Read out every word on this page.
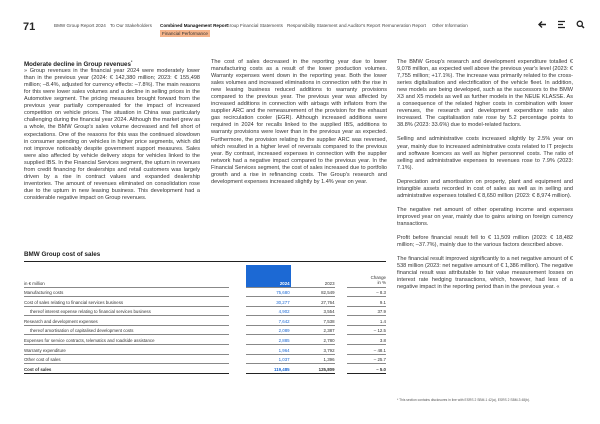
71	BMW Group Report 2024 To Our Stakeholders Combined Management Report
Group Financial Statements Responsibility Statement and Auditor's Report Remuneration Report Other Information
Financial Performance
Moderate decline in Group revenues*

» Group revenues in the financial year 2024 were moderately lower than in the previous year (2024: € 142,380 million; 2023: € 155,498 million; –8.4%, adjusted for currency effects: –7.8%). The main reasons for this were lower sales volumes and a decline in selling prices in the Automotive segment. The pricing measures brought forward from the previous year partially compensated for the impact of increased competition on vehicle prices. The situation in China was particularly challenging during the financial year 2024. Although the market grew as a whole, the BMW Group's sales volume decreased and fell short of expectations. One of the reasons for this was the continued slowdown in consumer spending on vehicles in higher price segments, which did not improve noticeably despite government support measures. Sales were also affected by vehicle delivery stops for vehicles linked to the supplied IBS. In the Financial Services segment, the upturn in revenues from credit financing for dealerships and retail customers was largely driven by a rise in contract values and expanded dealership inventories. The amount of revenues eliminated on consolidation rose due to the upturn in new leasing business. This development had a considerable negative impact on Group revenues.

The cost of sales decreased in the reporting year due to lower manufacturing costs as a result of the lower production volumes. Warranty expenses went down in the reporting year. Both the lower sales volumes and increased eliminations in connection with the rise in new leasing business reduced additions to warranty provisions compared to the previous year. The previous year was affected by increased additions in connection with airbags with inflators from the supplier ARC and the remeasurement of the provision for the exhaust gas recirculation cooler (EGR). Although increased additions were required in 2024 for recalls linked to the supplied IBS, additions to warranty provisions were lower than in the previous year as expected. Furthermore, the provision relating to the supplier ARC was reversed, which resulted in a higher level of reversals compared to the previous year. By contrast, increased expenses in connection with the supplier network had a negative impact compared to the previous year. In the Financial Services segment, the cost of sales increased due to portfolio growth and a rise in refinancing costs. The Group's research and development expenses increased slightly by 1.4% year on year.

The BMW Group's research and development expenditure totalled € 9,078 million, as expected well above the previous year's level (2023: € 7,755 million; +17.1%). The increase was primarily related to the cross-series digitalisation and electrification of the vehicle fleet. In addition, new models are being developed, such as the successors to the BMW X3 and X5 models as well as further models in the NEUE KLASSE. As a consequence of the related higher costs in combination with lower revenues, the research and development expenditure ratio also increased. The capitalisation rate rose by 5.2 percentage points to 38.8% (2023: 33.6%) due to model-related factors.

Selling and administrative costs increased slightly by 2.5% year on year, mainly due to increased administrative costs related to IT projects and software licences as well as higher personnel costs. The ratio of selling and administrative expenses to revenues rose to 7.9% (2023: 7.1%).

Depreciation and amortisation on property, plant and equipment and intangible assets recorded in cost of sales as well as in selling and administrative expenses totalled € 8,650 million (2023: € 8,974 million).

The negative net amount of other operating income and expenses improved year on year, mainly due to gains arising on foreign currency transactions.

Profit before financial result fell to € 11,509 million (2023: € 18,482 million; –37.7%), mainly due to the various factors described above.

The financial result improved significantly to a net negative amount of € 538 million (2023: net negative amount of € 1,386 million). The negative financial result was attributable to fair value measurement losses on interest rate hedging transactions, which, however, had less of a negative impact in the reporting period than in the previous year. «

BMW Group cost of sales
in € million		2024	2023		Change
in %
Manufacturing costs		75,680	82,549		– 8.3
Cost of sales relating to financial services business		30,277	27,764		9.1
thereof interest expense relating to financial services business		4,902	3,554		37.9
Research and development expenses		7,642	7,538		1.4
thereof amortisation of capitalised development costs		2,089	2,387		– 12.5
Expenses for service contracts, telematics and roadside assistance		2,885	2,780		3.8
Warranty expenditure		1,964	3,792		– 48.1
Other cost of sales		1,037	1,396		– 25.7
Cost of sales		119,485	125,809		– 5.0
* This section contains disclosures in line with ESRS 2 SBM-1 42(a), ESRS 2 SBM-3 48(b).
